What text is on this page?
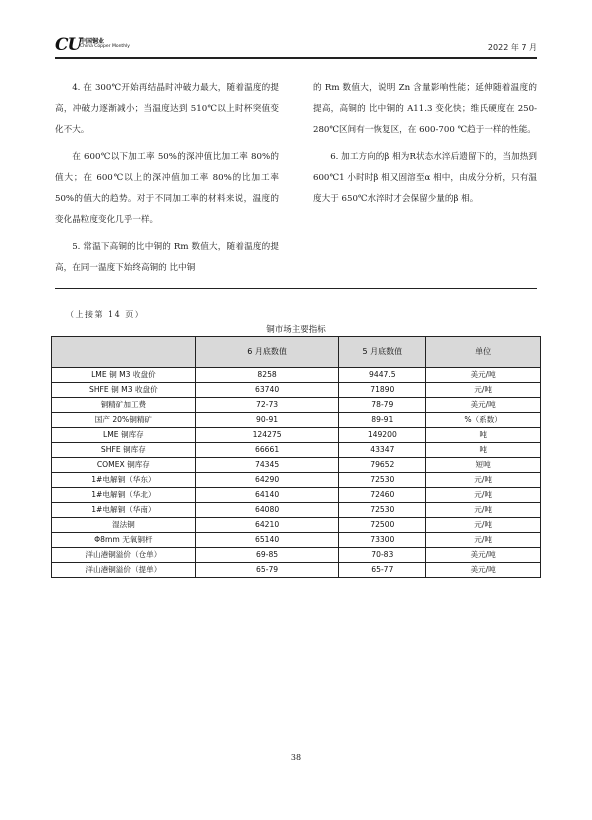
CU
中国铜业
China Copper Monthly	2022 年 7 月

4. 在 300℃开始再结晶时冲破力最大，随着温度的提高，冲破力逐渐减小；当温度达到 510℃以上时杯突值变化不大。

在 600℃以下加工率 50%的深冲值比加工率 80%的值大；在 600℃以上的深冲值加工率 80%的比加工率 50%的值大的趋势。对于不同加工率的材料来说，温度的变化晶粒度变化几乎一样。

5. 常温下高铜的比中铜的 Rm 数值大，随着温度的提高，在同一温度下始终高铜的 比中铜

的 Rm 数值大，说明 Zn 含量影响性能；延伸随着温度的提高，高铜的 比中铜的 A11.3 变化快；维氏硬度在 250-280℃区间有一恢复区，在 600-700 ℃趋于一样的性能。

6. 加工方向的β 相为R状态水淬后遗留下的，当加热到 600℃1 小时时β 相又固溶至α 相中，由成分分析，只有温度大于 650℃水淬时才会保留少量的β 相。

（上接第 14 页）
铜市场主要指标
	6 月底数值	5 月底数值	单位
LME 铜 M3 收盘价	8258	9447.5	美元/吨
SHFE 铜 M3 收盘价	63740	71890	元/吨
铜精矿加工费	72-73	78-79	美元/吨
国产 20%铜精矿	90-91	89-91	%（系数）
LME 铜库存	124275	149200	吨
SHFE 铜库存	66661	43347	吨
COMEX 铜库存	74345	79652	短吨
1#电解铜（华东）	64290	72530	元/吨
1#电解铜（华北）	64140	72460	元/吨
1#电解铜（华南）	64080	72530	元/吨
湿法铜	64210	72500	元/吨
Φ8mm 无氧铜杆	65140	73300	元/吨
洋山港铜溢价（仓单）	69-85	70-83	美元/吨
洋山港铜溢价（提单）	65-79	65-77	美元/吨
38
